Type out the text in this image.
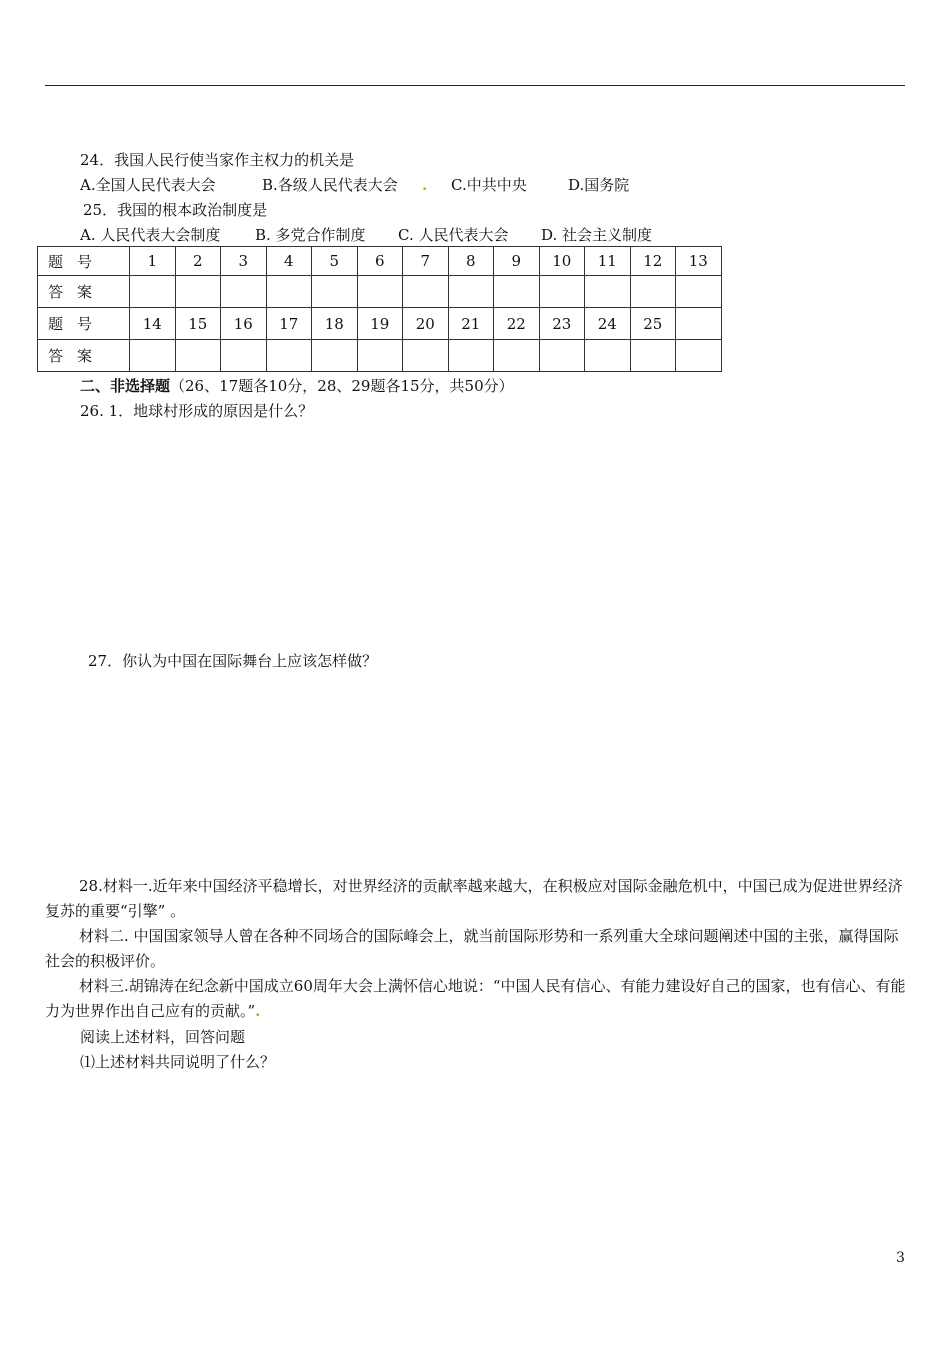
24．我国人民行使当家作主权力的机关是
A.全国人民代表大会	B.各级人民代表大会 . C.中共中央	D.国务院
25．我国的根本政治制度是
A. 人民代表大会制度 B. 多党合作制度 C. 人民代表大会 D. 社会主义制度
题号	1	2	3	4	5	6	7	8	9	10	11	12	13
答案													
题号	14	15	16	17	18	19	20	21	22	23	24	25	
答案													
二、非选择题（26、17题各10分，28、29题各15分，共50分）
26. 1．地球村形成的原因是什么？
27．你认为中国在国际舞台上应该怎样做？
28.材料一.近年来中国经济平稳增长，对世界经济的贡献率越来越大，在积极应对国际金融危机中，中国已成为促进世界经济复苏的重要“引擎” 。
材料二. 中国国家领导人曾在各种不同场合的国际峰会上，就当前国际形势和一系列重大全球问题阐述中国的主张，赢得国际社会的积极评价。
材料三.胡锦涛在纪念新中国成立60周年大会上满怀信心地说：“中国人民有信心、有能力建设好自己的国家，也有信心、有能力为世界作出自己应有的贡献。”.
阅读上述材料，回答问题
⑴上述材料共同说明了什么？
3
